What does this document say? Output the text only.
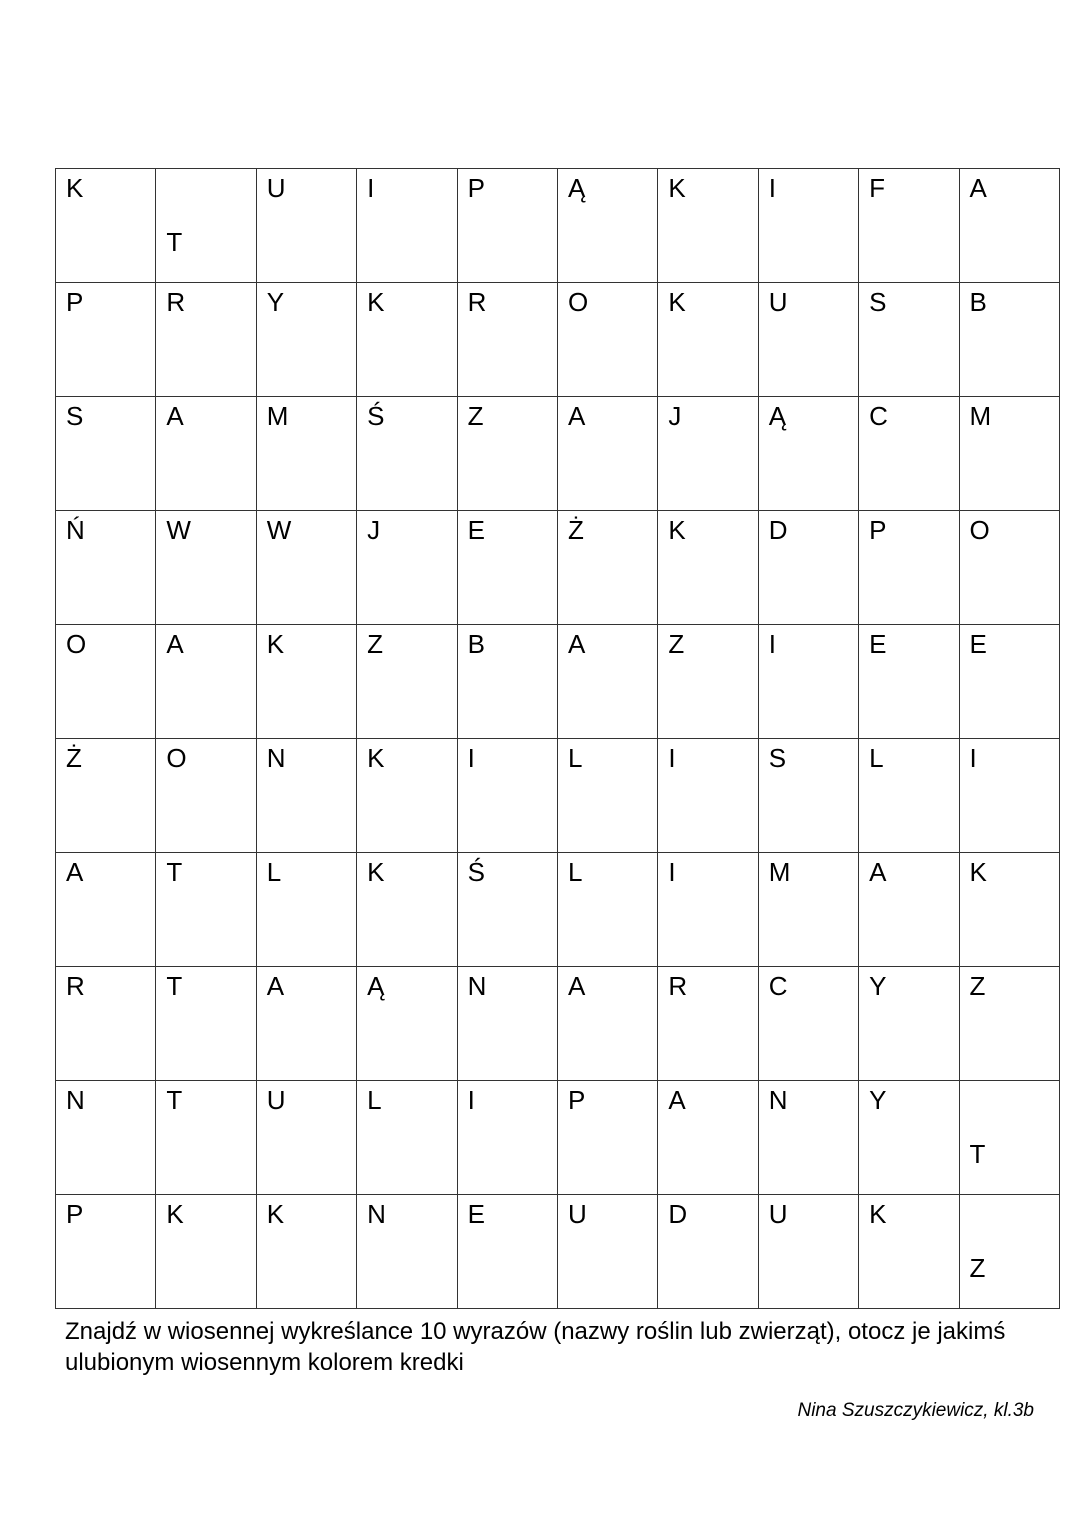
K	T	U	I	P	Ą	K	I	F	A

P	R	Y	K	R	O	K	U	S	B

S	A	M	Ś	Z	A	J	Ą	C	M

Ń	W	W	J	E	Ż	K	D	P	O

O	A	K	Z	B	A	Z	I	E	E

Ż	O	N	K	I	L	I	S	L	I

A	T	L	K	Ś	L	I	M	A	K

R	T	A	Ą	N	A	R	C	Y	Z

N	T	U	L	I	P	A	N	Y	T

P	K	K	N	E	U	D	U	K	Z

Znajdź w wiosennej wykreślance 10 wyrazów (nazwy roślin lub zwierząt), otocz je jakimś ulubionym wiosennym kolorem kredki

Nina Szuszczykiewicz, kl.3b
